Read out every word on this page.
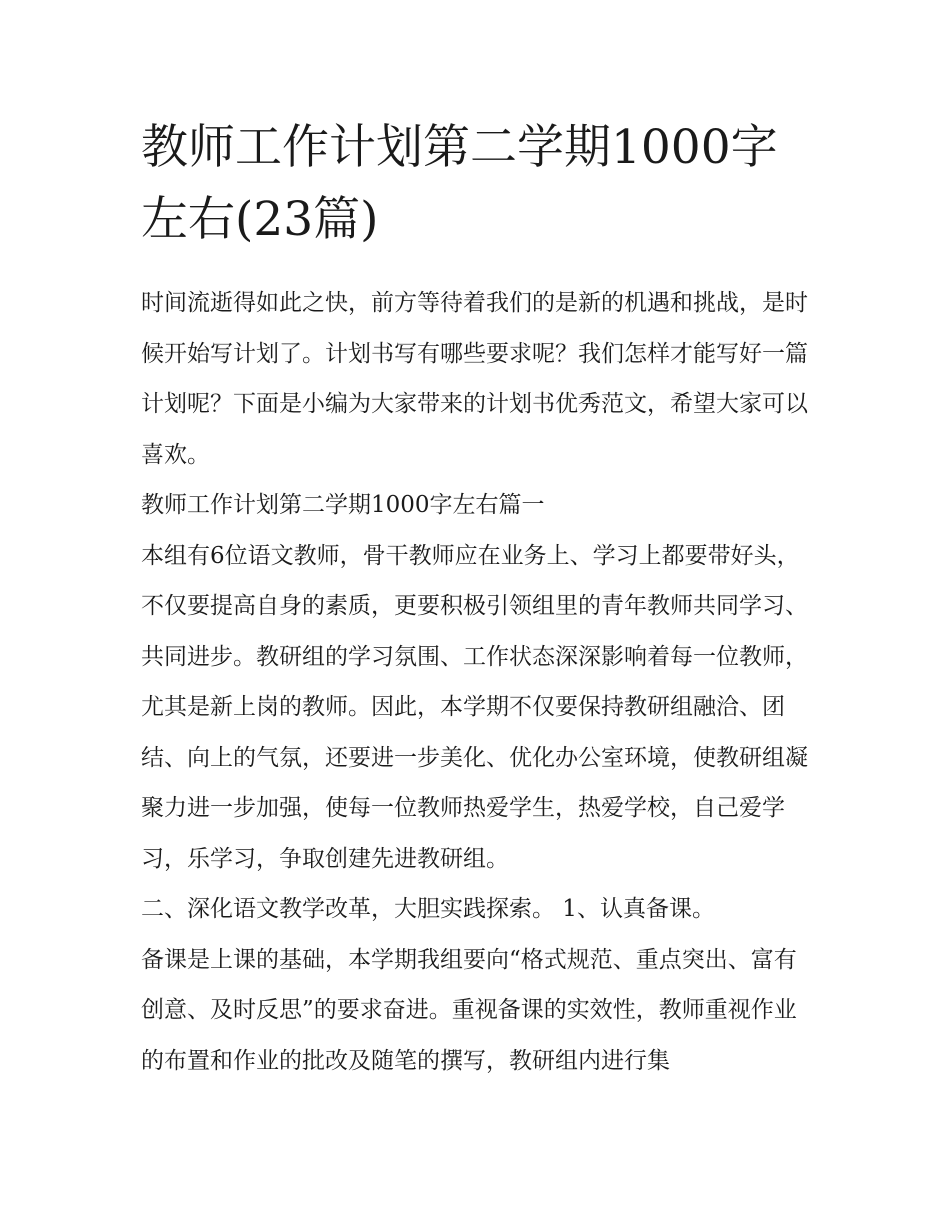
教师工作计划第二学期1000字左右(23篇)

时间流逝得如此之快，前方等待着我们的是新的机遇和挑战，是时候开始写计划了。计划书写有哪些要求呢？我们怎样才能写好一篇计划呢？下面是小编为大家带来的计划书优秀范文，希望大家可以喜欢。

教师工作计划第二学期1000字左右篇一

本组有6位语文教师，骨干教师应在业务上、学习上都要带好头，不仅要提高自身的素质，更要积极引领组里的青年教师共同学习、共同进步。教研组的学习氛围、工作状态深深影响着每一位教师，尤其是新上岗的教师。因此，本学期不仅要保持教研组融洽、团结、向上的气氛，还要进一步美化、优化办公室环境，使教研组凝聚力进一步加强，使每一位教师热爱学生，热爱学校，自己爱学习，乐学习，争取创建先进教研组。

二、深化语文教学改革，大胆实践探索。 1、认真备课。

备课是上课的基础，本学期我组要向“格式规范、重点突出、富有创意、及时反思”的要求奋进。重视备课的实效性，教师重视作业的布置和作业的批改及随笔的撰写，教研组内进行集
